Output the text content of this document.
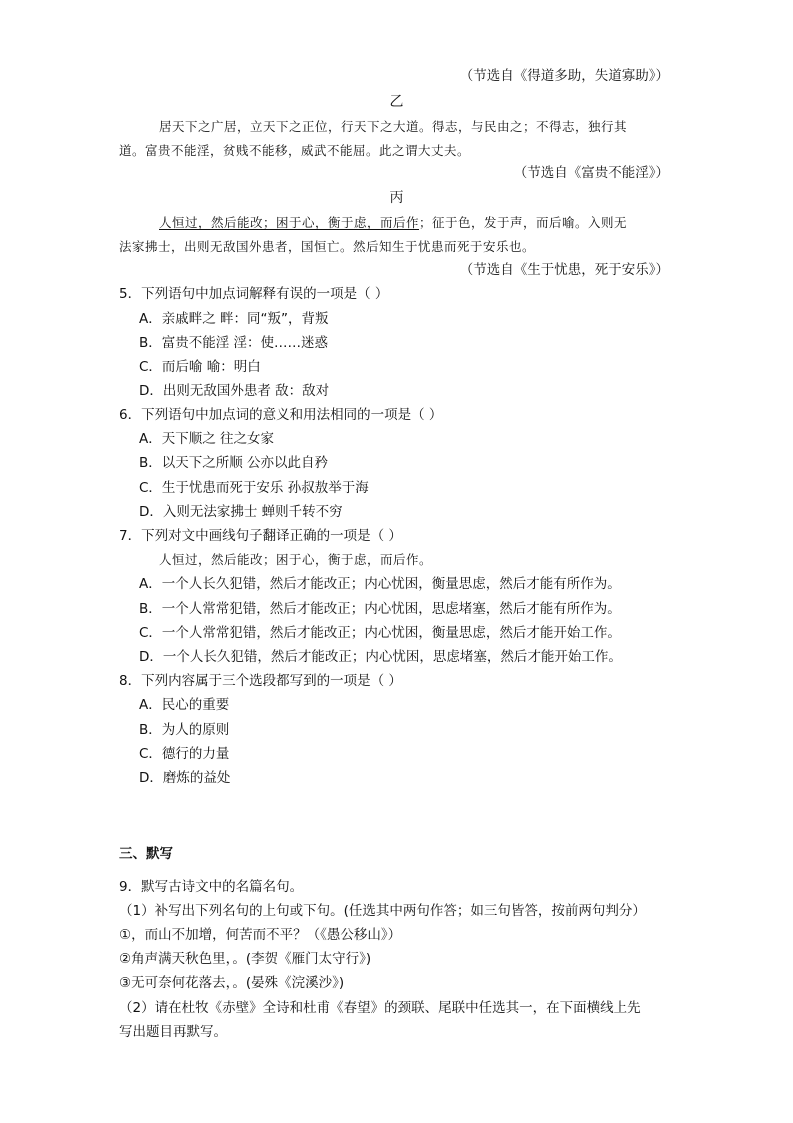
（节选自《得道多助，失道寡助》）
乙
居天下之广居，立天下之正位，行天下之大道。得志，与民由之；不得志，独行其
道。富贵不能淫，贫贱不能移，威武不能屈。此之谓大丈夫。
（节选自《富贵不能淫》）
丙
人恒过，然后能改；困于心，衡于虑，而后作；征于色，发于声，而后喻。入则无
法家拂士，出则无敌国外患者，国恒亡。然后知生于忧患而死于安乐也。
（节选自《生于忧患，死于安乐》）
5．下列语句中加点词解释有误的一项是（ ）
A．亲戚畔之 畔：同“叛”，背叛
B．富贵不能淫 淫：使……迷惑
C．而后喻 喻：明白
D．出则无敌国外患者 敌：敌对
6．下列语句中加点词的意义和用法相同的一项是（ ）
A．天下顺之 往之女家
B．以天下之所顺 公亦以此自矜
C．生于忧患而死于安乐 孙叔敖举于海
D．入则无法家拂士 蝉则千转不穷
7．下列对文中画线句子翻译正确的一项是（ ）
人恒过，然后能改；困于心，衡于虑，而后作。
A．一个人长久犯错，然后才能改正；内心忧困，衡量思虑，然后才能有所作为。
B．一个人常常犯错，然后才能改正；内心忧困，思虑堵塞，然后才能有所作为。
C．一个人常常犯错，然后才能改正；内心忧困，衡量思虑，然后才能开始工作。
D．一个人长久犯错，然后才能改正；内心忧困，思虑堵塞，然后才能开始工作。
8．下列内容属于三个选段都写到的一项是（ ）
A．民心的重要
B．为人的原则
C．德行的力量
D．磨炼的益处
三、默写
9．默写古诗文中的名篇名句。
（1）补写出下列名句的上句或下句。(任选其中两句作答；如三句皆答，按前两句判分）
①，而山不加增，何苦而不平？（《愚公移山》）
②角声满天秋色里，。(李贺《雁门太守行》)
③无可奈何花落去，。(晏殊《浣溪沙》)
（2）请在杜牧《赤壁》全诗和杜甫《春望》的颈联、尾联中任选其一，在下面横线上先
写出题目再默写。
